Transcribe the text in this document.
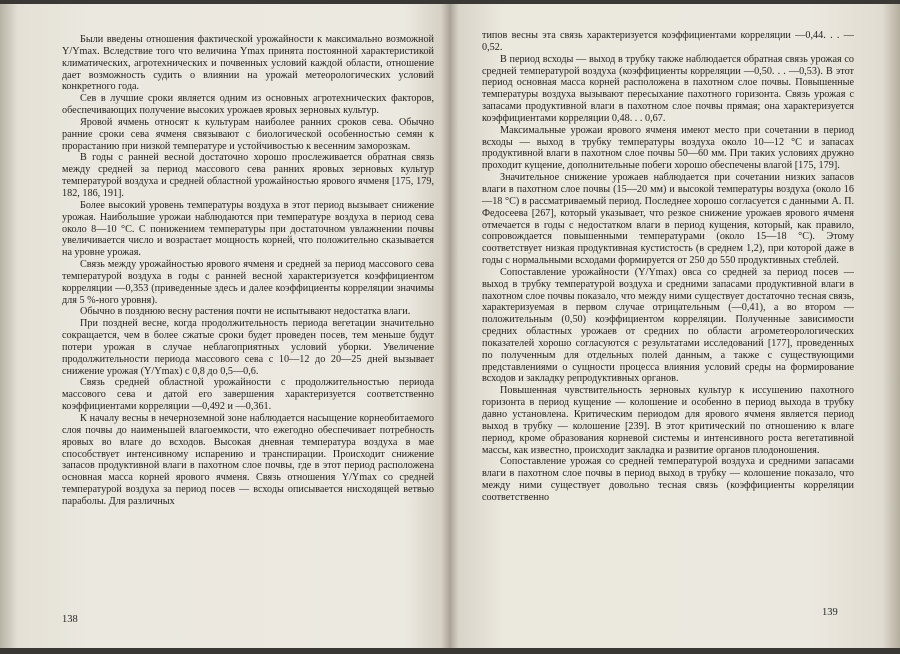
Были введены отношения фактической урожайности к максимально возможной Y/Ymax. Вследствие того что величина Ymax принята постоянной характеристикой климатических, агротехнических и почвенных условий каждой области, отношение дает возможность судить о влиянии на урожай метеорологических условий конкретного года.

Сев в лучшие сроки является одним из основных агротехнических факторов, обеспечивающих получение высоких урожаев яровых зерновых культур.

Яровой ячмень относят к культурам наиболее ранних сроков сева. Обычно ранние сроки сева ячменя связывают с биологической особенностью семян к прорастанию при низкой температуре и устойчивостью к весенним заморозкам.

В годы с ранней весной достаточно хорошо прослеживается обратная связь между средней за период массового сева ранних яровых зерновых культур температурой воздуха и средней областной урожайностью ярового ячменя [175, 179, 182, 186, 191].

Более высокий уровень температуры воздуха в этот период вызывает снижение урожая. Наибольшие урожаи наблюдаются при температуре воздуха в период сева около 8—10 °С. С понижением температуры при достаточном увлажнении почвы увеличивается число и возрастает мощность корней, что положительно сказывается на уровне урожая.

Связь между урожайностью ярового ячменя и средней за период массового сева температурой воздуха в годы с ранней весной характеризуется коэффициентом корреляции —0,353 (приведенные здесь и далее коэффициенты корреляции значимы для 5 %-ного уровня).

Обычно в позднюю весну растения почти не испытывают недостатка влаги.

При поздней весне, когда продолжительность периода вегетации значительно сокращается, чем в более сжатые сроки будет проведен посев, тем меньше будут потери урожая в случае неблагоприятных условий уборки. Увеличение продолжительности периода массового сева с 10—12 до 20—25 дней вызывает снижение урожая (Y/Ymax) с 0,8 до 0,5—0,6.

Связь средней областной урожайности с продолжительностью периода массового сева и датой его завершения характеризуется соответственно коэффициентами корреляции —0,492 и —0,361.

К началу весны в нечерноземной зоне наблюдается насыщение корнеобитаемого слоя почвы до наименьшей влагоемкости, что ежегодно обеспечивает потребность яровых во влаге до всходов. Высокая дневная температура воздуха в мае способствует интенсивному испарению и транспирации. Происходит снижение запасов продуктивной влаги в пахотном слое почвы, где в этот период расположена основная масса корней ярового ячменя. Связь отношения Y/Ymax со средней температурой воздуха за период посев — всходы описывается нисходящей ветвью параболы. Для различных

138

типов весны эта связь характеризуется коэффициентами корреляции —0,44. . . —0,52.

В период всходы — выход в трубку также наблюдается обратная связь урожая со средней температурой воздуха (коэффициенты корреляции —0,50. . . —0,53). В этот период основная масса корней расположена в пахотном слое почвы. Повышенные температуры воздуха вызывают пересыхание пахотного горизонта. Связь урожая с запасами продуктивной влаги в пахотном слое почвы прямая; она характеризуется коэффициентами корреляции 0,48. . . 0,67.

Максимальные урожаи ярового ячменя имеют место при сочетании в период всходы — выход в трубку температуры воздуха около 10—12 °С и запасах продуктивной влаги в пахотном слое почвы 50—60 мм. При таких условиях дружно проходит кущение, дополнительные побеги хорошо обеспечены влагой [175, 179].

Значительное снижение урожаев наблюдается при сочетании низких запасов влаги в пахотном слое почвы (15—20 мм) и высокой температуры воздуха (около 16—18 °С) в рассматриваемый период. Последнее хорошо согласуется с данными А. П. Федосеева [267], который указывает, что резкое снижение урожаев ярового ячменя отмечается в годы с недостатком влаги в период кущения, который, как правило, сопровождается повышенными температурами (около 15—18 °С). Этому соответствует низкая продуктивная кустистость (в среднем 1,2), при которой даже в годы с нормальными всходами формируется от 250 до 550 продуктивных стеблей.

Сопоставление урожайности (Y/Ymax) овса со средней за период посев — выход в трубку температурой воздуха и средними запасами продуктивной влаги в пахотном слое почвы показало, что между ними существует достаточно тесная связь, характеризуемая в первом случае отрицательным (—0,41), а во втором — положительным (0,50) коэффициентом корреляции. Полученные зависимости средних областных урожаев от средних по области агрометеорологических показателей хорошо согласуются с результатами исследований [177], проведенных по полученным для отдельных полей данным, а также с существующими представлениями о сущности процесса влияния условий среды на формирование всходов и закладку репродуктивных органов.

Повышенная чувствительность зерновых культур к иссушению пахотного горизонта в период кущение — колошение и особенно в период выхода в трубку давно установлена. Критическим периодом для ярового ячменя является период выход в трубку — колошение [239]. В этот критический по отношению к влаге период, кроме образования корневой системы и интенсивного роста вегетативной массы, как известно, происходит закладка и развитие органов плодоношения.

Сопоставление урожая со средней температурой воздуха и средними запасами влаги в пахотном слое почвы в период выход в трубку — колошение показало, что между ними существует довольно тесная связь (коэффициенты корреляции соответственно

139
